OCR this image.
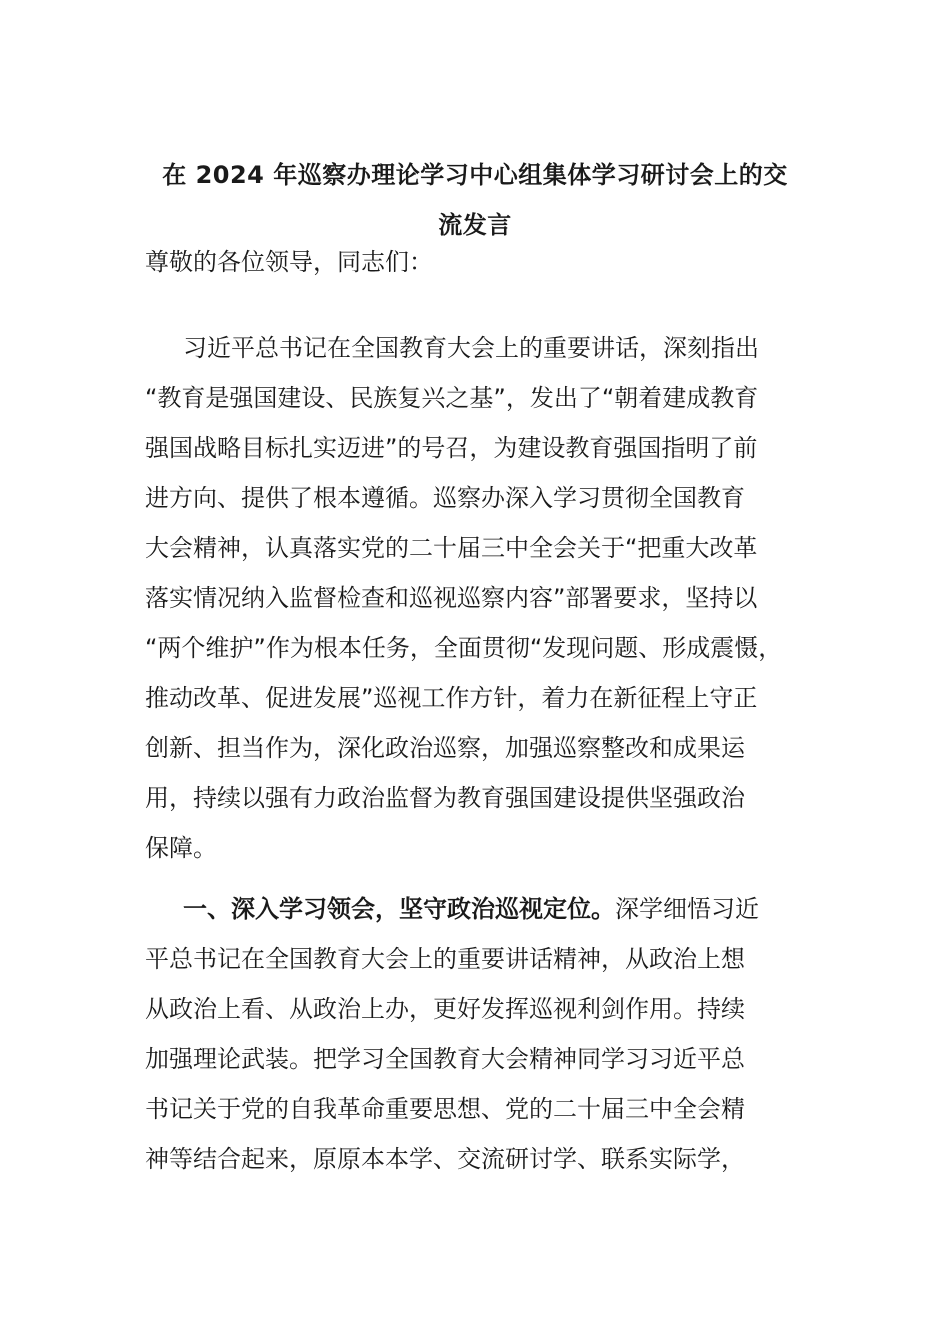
在 2024 年巡察办理论学习中心组集体学习研讨会上的交
流发言
尊敬的各位领导，同志们：
习近平总书记在全国教育大会上的重要讲话，深刻指出
“教育是强国建设、民族复兴之基”，发出了“朝着建成教育
强国战略目标扎实迈进”的号召，为建设教育强国指明了前
进方向、提供了根本遵循。巡察办深入学习贯彻全国教育
大会精神，认真落实党的二十届三中全会关于“把重大改革
落实情况纳入监督检查和巡视巡察内容”部署要求，坚持以
“两个维护”作为根本任务，全面贯彻“发现问题、形成震慑，
推动改革、促进发展”巡视工作方针，着力在新征程上守正
创新、担当作为，深化政治巡察，加强巡察整改和成果运
用，持续以强有力政治监督为教育强国建设提供坚强政治
保障。
一、深入学习领会，坚守政治巡视定位。深学细悟习近
平总书记在全国教育大会上的重要讲话精神，从政治上想
从政治上看、从政治上办，更好发挥巡视利剑作用。持续
加强理论武装。把学习全国教育大会精神同学习习近平总
书记关于党的自我革命重要思想、党的二十届三中全会精
神等结合起来，原原本本学、交流研讨学、联系实际学，
